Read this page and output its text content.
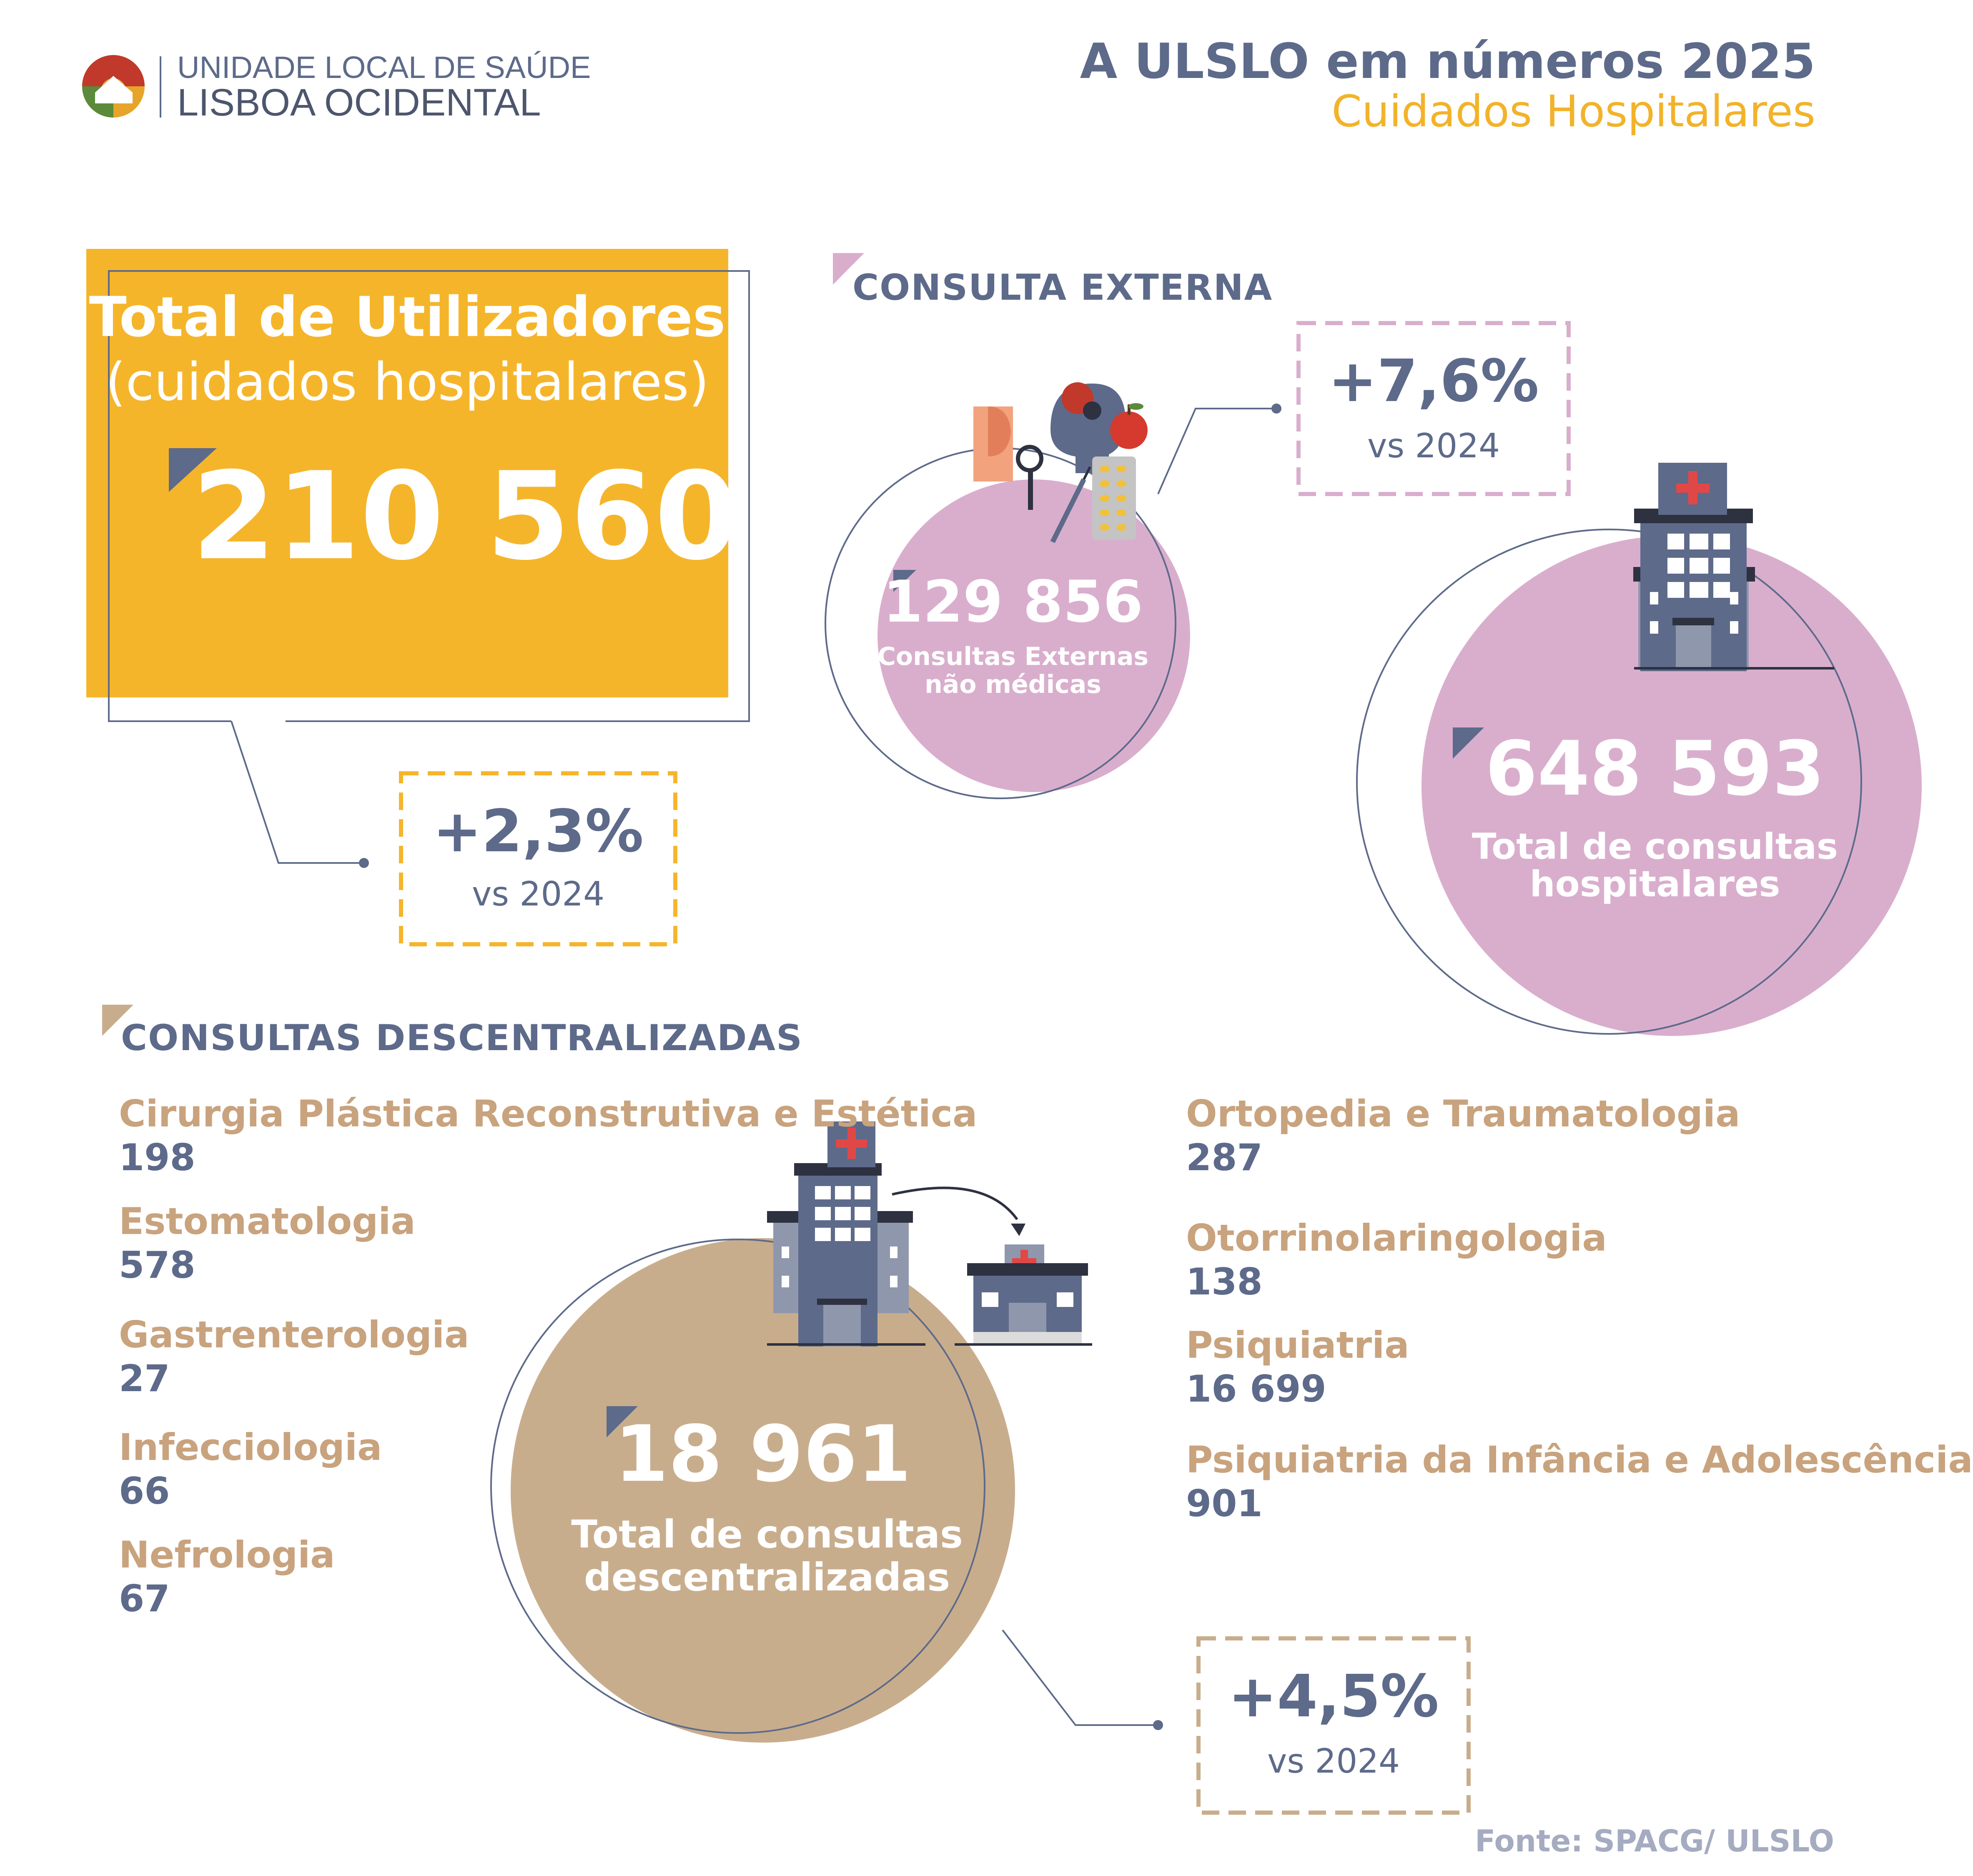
UNIDADE LOCAL DE SAÚDE
LISBOA OCIDENTAL
A ULSLO em números 2025
Cuidados Hospitalares
Total de Utilizadores
(cuidados hospitalares)
210 560
+2,3%
vs 2024
CONSULTA EXTERNA
129 856
Consultas Externas
não médicas
+7,6%
vs 2024
648 593
Total de consultas
hospitalares
CONSULTAS DESCENTRALIZADAS
Cirurgia Plástica Reconstrutiva e Estética
198
Estomatologia
578
Gastrenterologia
27
Infecciologia
66
Nefrologia
67
Ortopedia e Traumatologia
287
Otorrinolaringologia
138
Psiquiatria
16 699
Psiquiatria da Infância e Adolescência
901
18 961
Total de consultas
descentralizadas
+4,5%
vs 2024
Fonte: SPACG/ ULSLO
